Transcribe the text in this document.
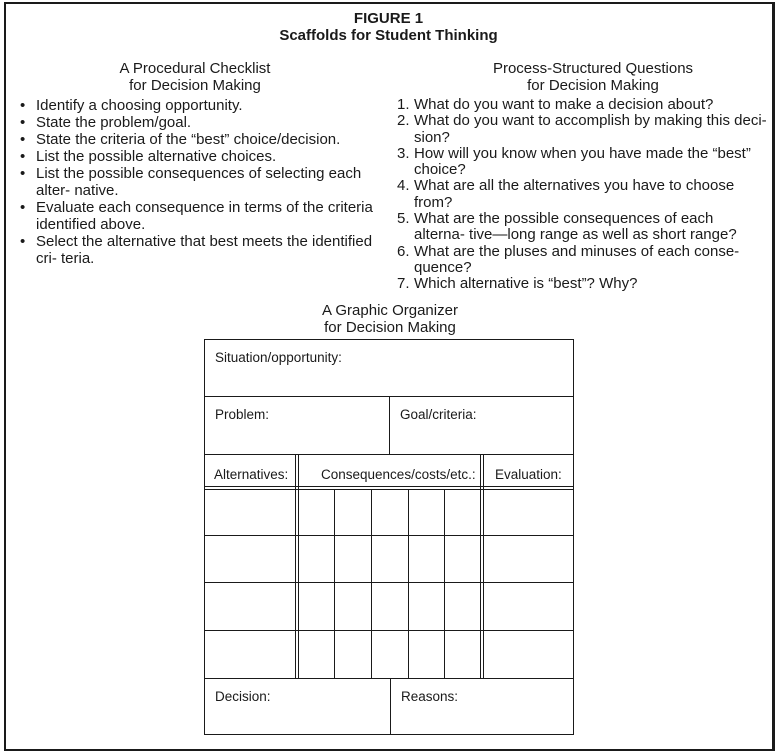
FIGURE 1
Scaffolds for Student Thinking
A Procedural Checklist
for Decision Making
• Identify a choosing opportunity.
• State the problem/goal.
• State the criteria of the “best” choice/decision.
• List the possible alternative choices.
• List the possible consequences of selecting each alter- native.
• Evaluate each consequence in terms of the criteria identified above.
• Select the alternative that best meets the identified cri- teria.
Process-Structured Questions
for Decision Making
1. What do you want to make a decision about?
2. What do you want to accomplish by making this deci- sion?
3. How will you know when you have made the “best” choice?
4. What are all the alternatives you have to choose from?
5. What are the possible consequences of each alterna- tive—long range as well as short range?
6. What are the pluses and minuses of each conse- quence?
7. Which alternative is “best”? Why?
A Graphic Organizer
for Decision Making
Situation/opportunity:
Problem:	Goal/criteria:
Alternatives: Consequences/costs/etc.: Evaluation:
Decision:	Reasons:
